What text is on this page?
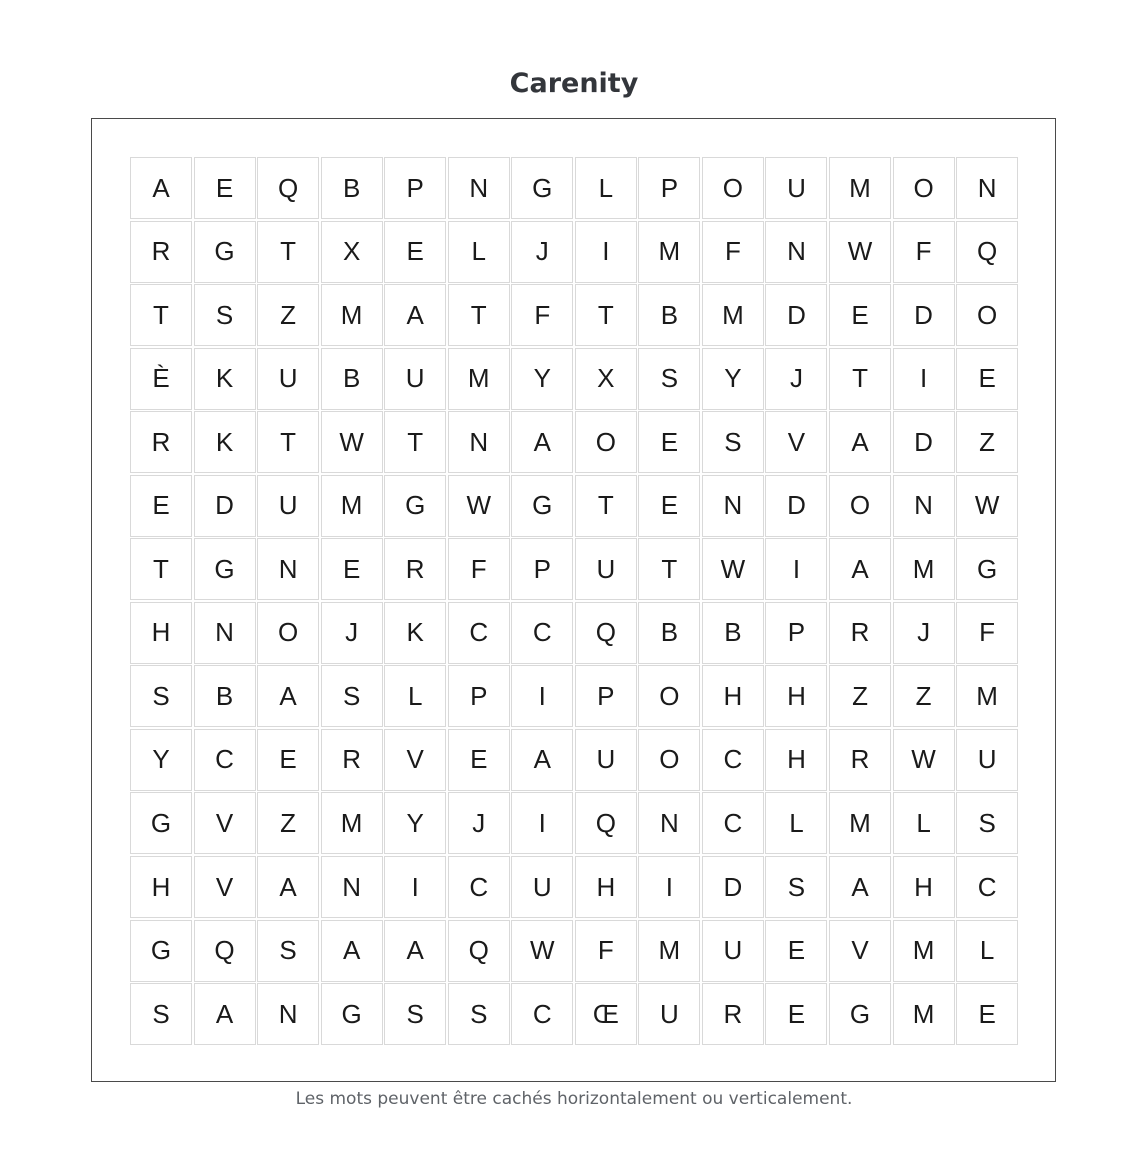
Carenity
A	E	Q	B	P	N	G	L	P	O	U	M	O	N
R	G	T	X	E	L	J	I	M	F	N	W	F	Q
T	S	Z	M	A	T	F	T	B	M	D	E	D	O
È	K	U	B	U	M	Y	X	S	Y	J	T	I	E
R	K	T	W	T	N	A	O	E	S	V	A	D	Z
E	D	U	M	G	W	G	T	E	N	D	O	N	W
T	G	N	E	R	F	P	U	T	W	I	A	M	G
H	N	O	J	K	C	C	Q	B	B	P	R	J	F
S	B	A	S	L	P	I	P	O	H	H	Z	Z	M
Y	C	E	R	V	E	A	U	O	C	H	R	W	U
G	V	Z	M	Y	J	I	Q	N	C	L	M	L	S
H	V	A	N	I	C	U	H	I	D	S	A	H	C
G	Q	S	A	A	Q	W	F	M	U	E	V	M	L
S	A	N	G	S	S	C	Œ	U	R	E	G	M	E
Les mots peuvent être cachés horizontalement ou verticalement.
